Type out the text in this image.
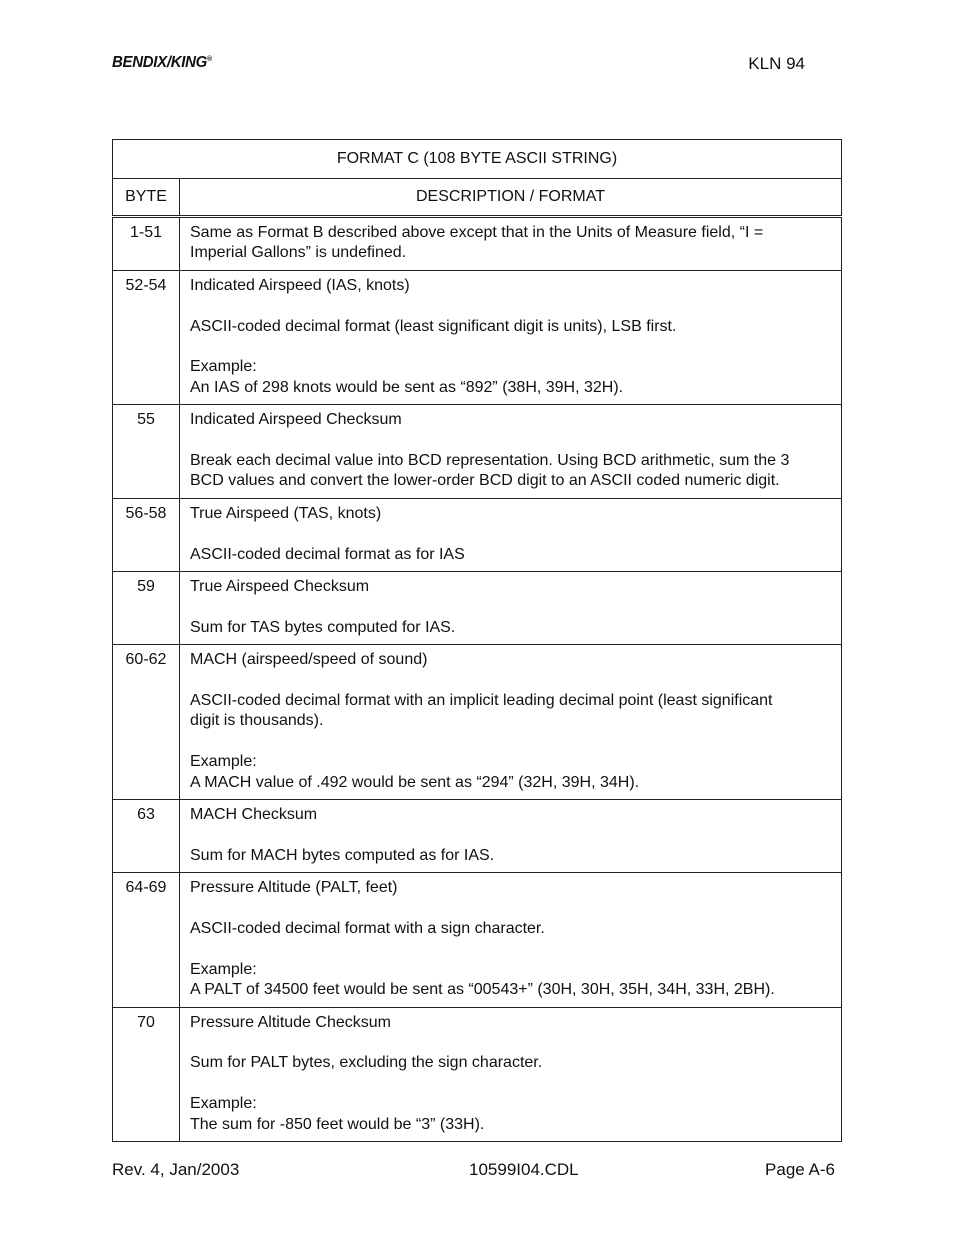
BENDIX/KING®	KLN 94
FORMAT C (108 BYTE ASCII STRING)	
BYTE	DESCRIPTION / FORMAT
1-51	Same as Format B described above except that in the Units of Measure field, “I =
Imperial Gallons” is undefined.

52-54	Indicated Airspeed (IAS, knots)
ASCII-coded decimal format (least significant digit is units), LSB first.
Example:
An IAS of 298 knots would be sent as “892” (38H, 39H, 32H).

55	Indicated Airspeed Checksum
Break each decimal value into BCD representation. Using BCD arithmetic, sum the 3
BCD values and convert the lower-order BCD digit to an ASCII coded numeric digit.

56-58	True Airspeed (TAS, knots)
ASCII-coded decimal format as for IAS

59	True Airspeed Checksum
Sum for TAS bytes computed for IAS.

60-62	MACH (airspeed/speed of sound)
ASCII-coded decimal format with an implicit leading decimal point (least significant
digit is thousands).
Example:
A MACH value of .492 would be sent as “294” (32H, 39H, 34H).

63	MACH Checksum
Sum for MACH bytes computed as for IAS.

64-69	Pressure Altitude (PALT, feet)
ASCII-coded decimal format with a sign character.
Example:
A PALT of 34500 feet would be sent as “00543+” (30H, 30H, 35H, 34H, 33H, 2BH).

70	Pressure Altitude Checksum
Sum for PALT bytes, excluding the sign character.
Example:
The sum for -850 feet would be “3” (33H).
Rev. 4, Jan/2003	10599I04.CDL	Page A-6
